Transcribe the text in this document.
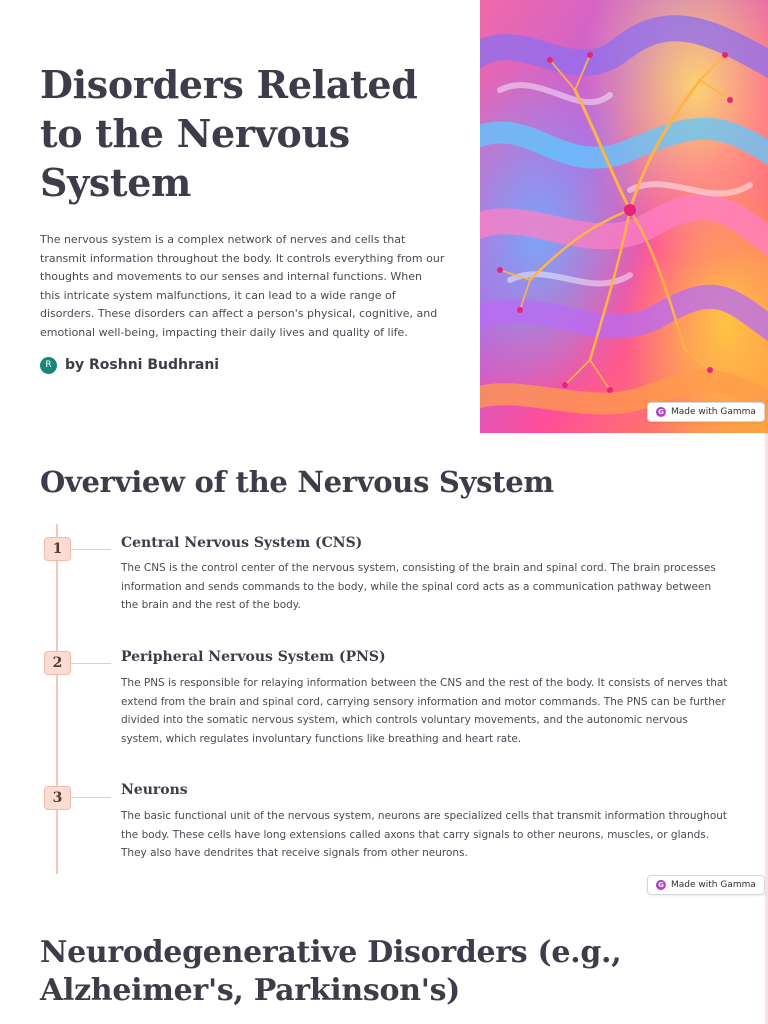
Disorders Related to the Nervous System

The nervous system is a complex network of nerves and cells that transmit information throughout the body. It controls everything from our thoughts and movements to our senses and internal functions. When this intricate system malfunctions, it can lead to a wide range of disorders. These disorders can affect a person's physical, cognitive, and emotional well-being, impacting their daily lives and quality of life.

R by Roshni Budhrani
G Made with Gamma
Overview of the Nervous System
1	Central Nervous System (CNS)

The CNS is the control center of the nervous system, consisting of the brain and spinal cord. The brain processes information and sends commands to the body, while the spinal cord acts as a communication pathway between the brain and the rest of the body.

2	Peripheral Nervous System (PNS)

The PNS is responsible for relaying information between the CNS and the rest of the body. It consists of nerves that extend from the brain and spinal cord, carrying sensory information and motor commands. The PNS can be further divided into the somatic nervous system, which controls voluntary movements, and the autonomic nervous system, which regulates involuntary functions like breathing and heart rate.

3	Neurons

The basic functional unit of the nervous system, neurons are specialized cells that transmit information throughout the body. These cells have long extensions called axons that carry signals to other neurons, muscles, or glands. They also have dendrites that receive signals from other neurons.

G Made with Gamma
Neurodegenerative Disorders (e.g., Alzheimer's, Parkinson's)
